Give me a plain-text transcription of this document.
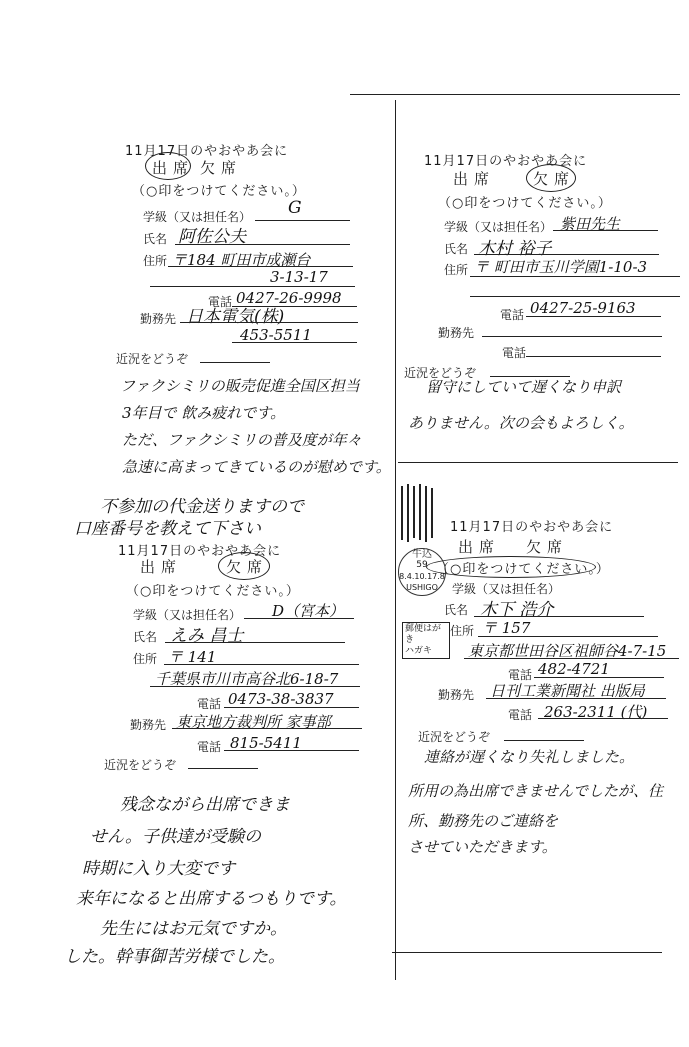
11月17日のやおやあ会に
出席 欠席
（○印をつけてください。）
学級（又は担任名） G
氏名 阿佐公夫
住所 〒184 町田市成瀬台
3-13-17
電話 0427-26-9998
勤務先 日本電気(株)
453-5511
近況をどうぞ
ファクシミリの販売促進全国区担当
3年目で 飲み疲れです。
ただ、ファクシミリの普及度が年々
急速に高まってきているのが慰めです。
11月17日のやおやあ会に
出席	欠席
（○印をつけてください。）
学級（又は担任名） 紫田先生
氏名 木村 裕子
住所 〒 町田市玉川学園1-10-3
電話 0427-25-9163
勤務先
電話
近況をどうぞ
留守にしていて遅くなり申訳
ありません。次の会もよろしく。
不参加の代金送りますので
口座番号を教えて下さい
11月17日のやおやあ会に
出席	欠席
（○印をつけてください。）
学級（又は担任名） D（宮本）
氏名 えみ 昌士
住所 〒 141
千葉県市川市高谷北6-18-7
電話 0473-38-3837
勤務先 東京地方裁判所 家事部
電話 815-5411
近況をどうぞ
残念ながら出席できま
せん。子供達が受験の
時期に入り大変です
来年になると出席するつもりです。
先生にはお元気ですか。
した。幹事御苦労様でした。
11月17日のやおやあ会に
出席 欠席
（○印をつけてください。）
牛込
59
8.4.10.17.8
USHIGO	学級（又は担任名）
氏名 木下 浩介
郵便はがき
ハガキ
住所 〒 157
東京都世田谷区祖師谷4-7-15
電話 482-4721
勤務先 日刊工業新聞社 出版局
電話 263-2311 (代)
近況をどうぞ
連絡が遅くなり失礼しました。
所用の為出席できませんでしたが、住所、勤務先のご連絡を
させていただきます。
